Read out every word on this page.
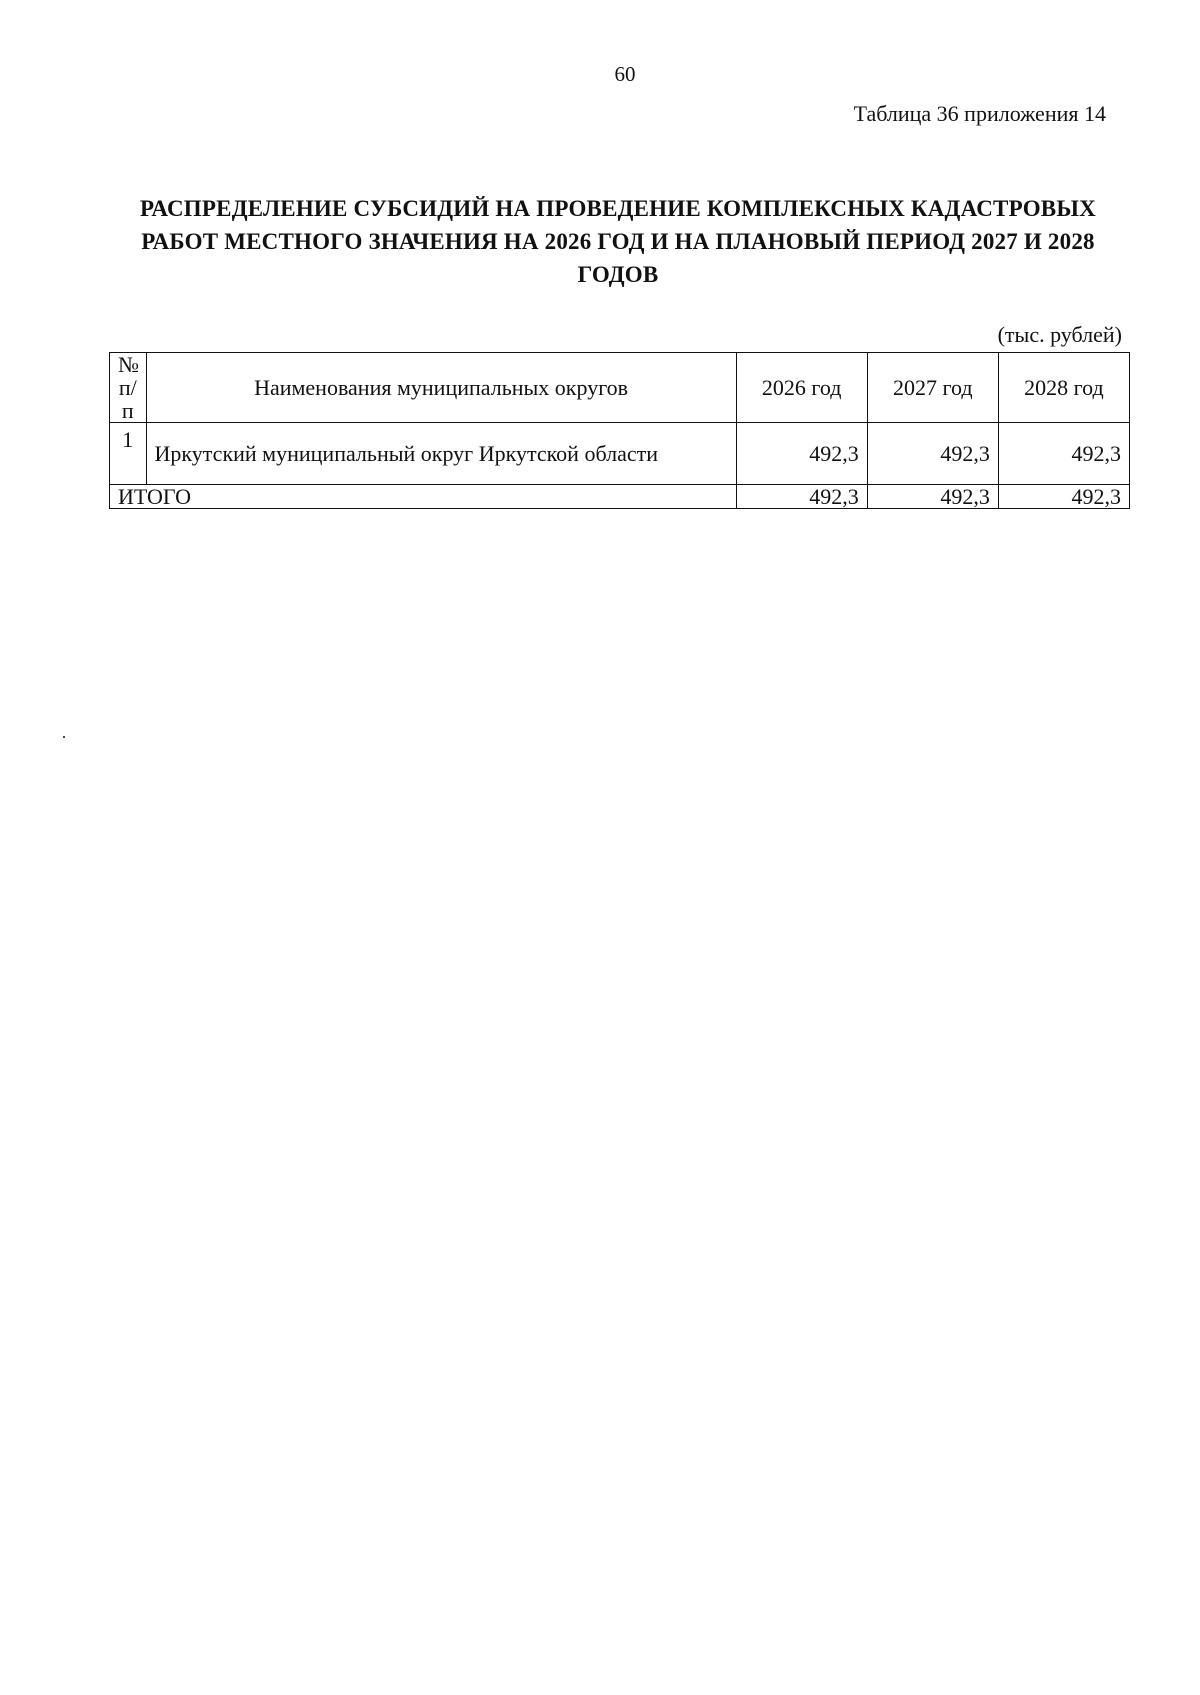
60
Таблица 36 приложения 14
РАСПРЕДЕЛЕНИЕ СУБСИДИЙ НА ПРОВЕДЕНИЕ КОМПЛЕКСНЫХ КАДАСТРОВЫХ РАБОТ МЕСТНОГО ЗНАЧЕНИЯ НА 2026 ГОД И НА ПЛАНОВЫЙ ПЕРИОД 2027 И 2028 ГОДОВ
(тыс. рублей)
№
п/п	Наименования муниципальных округов	2026 год	2027 год	2028 год
1	Иркутский муниципальный округ Иркутской области	492,3	492,3	492,3
ИТОГО		492,3	492,3	492,3
